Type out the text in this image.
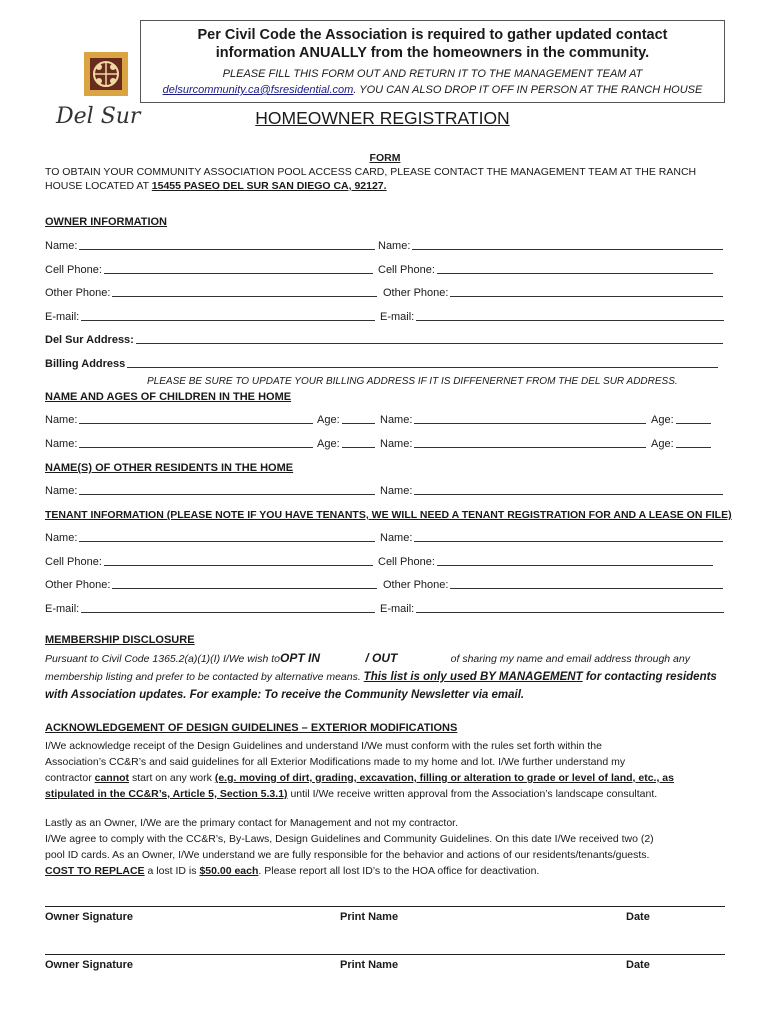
Per Civil Code the Association is required to gather updated contact
information ANUALLY from the homeowners in the community.
PLEASE FILL THIS FORM OUT AND RETURN IT TO THE MANAGEMENT TEAM AT
delsurcommunity.ca@fsresidential.com. YOU CAN ALSO DROP IT OFF IN PERSON AT THE RANCH HOUSE
Del Sur	HOMEOWNER REGISTRATION
FORM
TO OBTAIN YOUR COMMUNITY ASSOCIATION POOL ACCESS CARD, PLEASE CONTACT THE MANAGEMENT TEAM AT THE RANCH
HOUSE LOCATED AT 15455 PASEO DEL SUR SAN DIEGO CA, 92127.
OWNER INFORMATION
Name:	Name:
Cell Phone:	Cell Phone:
Other Phone:	Other Phone:
E-mail:	E-mail:
Del Sur Address:
Billing Address
PLEASE BE SURE TO UPDATE YOUR BILLING ADDRESS IF IT IS DIFFENERNET FROM THE DEL SUR ADDRESS.
NAME AND AGES OF CHILDREN IN THE HOME
Name:	Age:	Name:	Age:
Name:	Age:	Name:	Age:
NAME(S) OF OTHER RESIDENTS IN THE HOME
Name:	Name:
TENANT INFORMATION (PLEASE NOTE IF YOU HAVE TENANTS, WE WILL NEED A TENANT REGISTRATION FOR AND A LEASE ON FILE)
Name:	Name:
Cell Phone:	Cell Phone:
Other Phone:	Other Phone:
E-mail:	E-mail:
MEMBERSHIP DISCLOSURE
Pursuant to Civil Code 1365.2(a)(1)(I) I/We wish to OPT IN	/ OUT	of sharing my name and email address through any
membership listing and prefer to be contacted by alternative means. This list is only used BY MANAGEMENT for contacting residents
with Association updates. For example: To receive the Community Newsletter via email.
ACKNOWLEDGEMENT OF DESIGN GUIDELINES – EXTERIOR MODIFICATIONS
I/We acknowledge receipt of the Design Guidelines and understand I/We must conform with the rules set forth within the
Association’s CC&R’s and said guidelines for all Exterior Modifications made to my home and lot. I/We further understand my
contractor cannot start on any work (e.g. moving of dirt, grading, excavation, filling or alteration to grade or level of land, etc., as
stipulated in the CC&R’s, Article 5, Section 5.3.1) until I/We receive written approval from the Association’s landscape consultant.
Lastly as an Owner, I/We are the primary contact for Management and not my contractor.
I/We agree to comply with the CC&R’s, By-Laws, Design Guidelines and Community Guidelines. On this date I/We received two (2)
pool ID cards. As an Owner, I/We understand we are fully responsible for the behavior and actions of our residents/tenants/guests.
COST TO REPLACE a lost ID is $50.00 each. Please report all lost ID’s to the HOA office for deactivation.
Owner Signature	Print Name	Date
Owner Signature	Print Name	Date
